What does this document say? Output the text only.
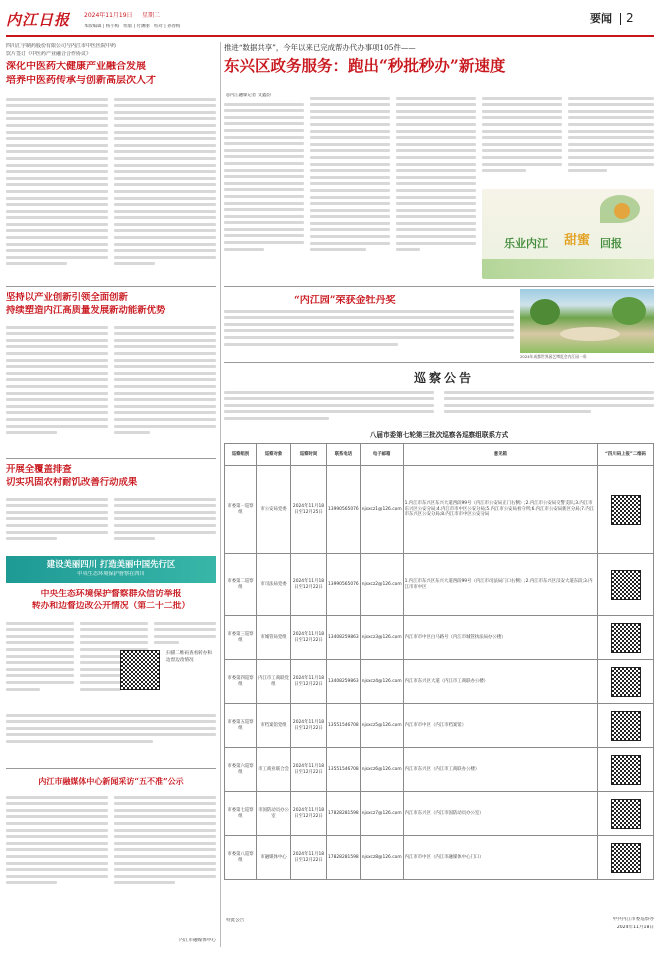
内江日报 2024年11月19日 星期二
本版编辑 | 杨小梅　组版 | 付渊丽　校对 | 孙春梅
要闻 2
四川汇宇制药股份有限公司与内江市中医医院中药
饮片签订《中医药产业融合合作协议》
深化中医药大健康产业融合发展
培养中医药传承与创新高层次人才
推进“数据共享”，今年以来已完成帮办代办事项105件——
东兴区政务服务：跑出“秒批秒办”新速度
◎内江融媒记者 文鑫韵
乐业内江 甜蜜 回报
“内江园”荣获金牡丹奖
2024年成都世界园艺博览会内江园一角
巡察公告
八届市委第七轮第三批次巡察各巡察组联系方式
巡察组别	巡察对象	巡察时间	联系电话	电子邮箱	意见箱	“四川码上报”二维码
市委第一巡察组	市公安局党委	2024年11月18日至12月25日	13990565076	njsxcz1@126.com	1.内江市东兴区东兴大道西段99号（内江市公安局正门右侧）;2.内江市公安局交警支队;3.内江市东兴区公安分局;4.内江市市中区公安分局;5.内江市公安局看守所;6.内江市公安局新区分局;7.内江市东兴区公安分局;8.内江市市中区公安分局	

市委第二巡察组	市司法局党委	2024年11月18日至12月22日	13990565076	njsxcz2@126.com	1.内江市东兴区东兴大道西段99号（内江市司法局门口右侧）;2.内江市东兴区汉安大道东段;3.内江市市中区	

市委第三巡察组	市城管局党组	2024年11月18日至12月22日	13408259863	njsxcz3@126.com	内江市市中区白马路号（内江市城管执法局办公楼）	

市委第四巡察组	内江市工商联党组	2024年11月18日至12月22日	13408259863	njsxcz4@126.com	内江市东兴区大道（内江市工商联办公楼）	

市委第五巡察组	市档案馆党组	2024年11月18日至12月22日	13551546708	njsxcz5@126.com	内江市市中区（内江市档案馆）	

市委第六巡察组	市工商业联合会	2024年11月18日至12月22日	13551546708	njsxcz6@126.com	内江市东兴区（内江市工商联办公楼）	

市委第七巡察组	市国防动员办公室	2024年11月18日至12月22日	17828281598	njsxcz7@126.com	内江市东兴区（内江市国防动员办公室）	

市委第八巡察组	市融媒体中心	2024年11月18日至12月22日	17828281598	njsxcz8@126.com	内江市市中区（内江市融媒体中心门口）	
特此公告	中共内江市委巡察办
2024年11月18日
坚持以产业创新引领全面创新
持续塑造内江高质量发展新动能新优势
开展全覆盖排查
切实巩固农村耐饥改善行动成果
建设美丽四川 打造美丽中国先行区
中央生态环境保护督察在四川
中央生态环境保护督察群众信访举报
转办和边督边改公开情况（第二十二批）
扫描二维码查看转办和边督边改情况
内江市融媒体中心新闻采访“五不准”公示
内江市融媒体中心
